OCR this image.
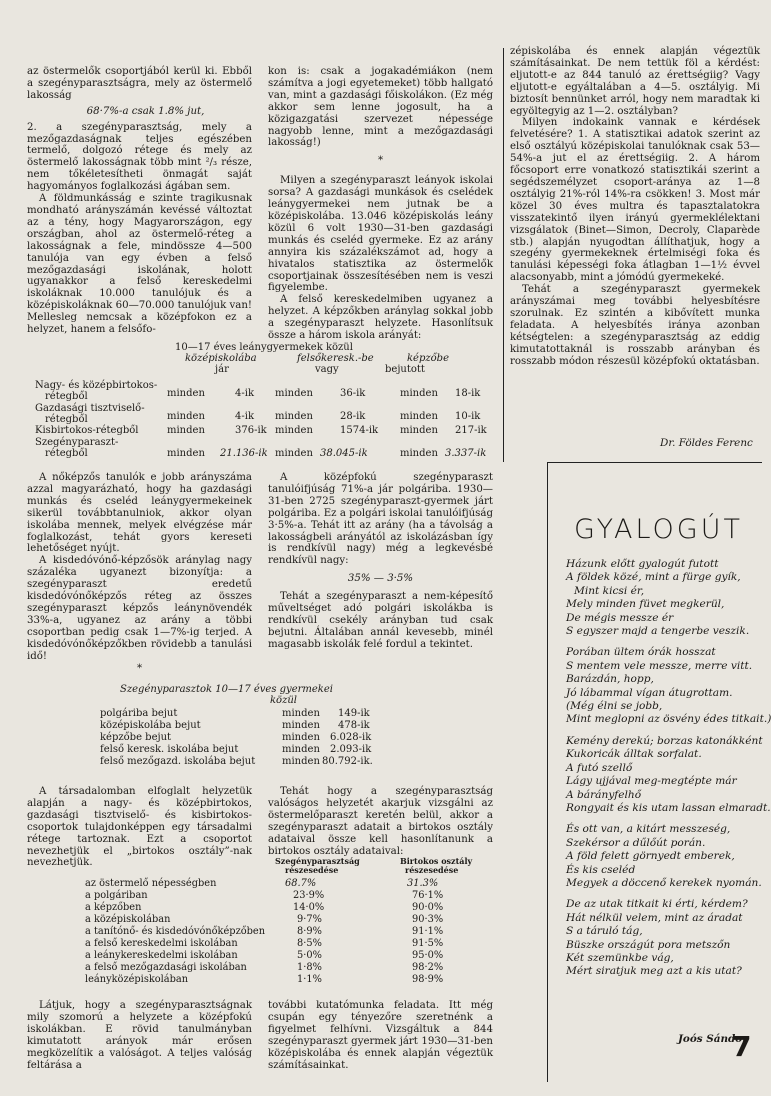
az östermelők csoportjából kerül ki. Ebből a szegényparasztságra, mely az östermelő lakosság

68·7%-a csak 1.8% jut,

2. a szegényparasztság, mely a mezőgazdaságnak teljes egészében termelő, dolgozó rétege és mely az östermelő lakosságnak több mint ²/₃ része, nem tőkéletesítheti önmagát saját hagyományos foglalkozási ágában sem.

A földmunkásság e szinte tragikusnak mondható arányszámán kevéssé változtat az a tény, hogy Magyarországon, egy országban, ahol az östermelő-réteg a lakosságnak a fele, mindössze 4—500 tanulója van egy évben a felső mezőgazdasági iskolának, holott ugyanakkor a felső kereskedelmi iskoláknak 10.000 tanulójuk és a középiskoláknak 60—70.000 tanulójuk van! Mellesleg nemcsak a középfokon ez a helyzet, hanem a felsőfo-

kon is: csak a jogakadémiákon (nem számítva a jogi egyetemeket) több hallgató van, mint a gazdasági főiskolákon. (Ez még akkor sem lenne jogosult, ha a közigazgatási szervezet népessége nagyobb lenne, mint a mezőgazdasági lakosság!)

*

Milyen a szegényparaszt leányok iskolai sorsa? A gazdasági munkások és cselédek leánygyermekei nem jutnak be a középiskolába. 13.046 középiskolás leány közül 6 volt 1930—31-ben gazdasági munkás és cseléd gyermeke. Ez az arány annyira kis százalékszámot ad, hogy a hivatalos statisztika az östermelők csoportjainak összesítésében nem is veszi figyelembe.

A felső kereskedelmiben ugyanez a helyzet. A képzőkben aránylag sokkal jobb a szegényparaszt helyzete. Hasonlítsuk össze a három iskola arányát:

zépiskolába és ennek alapján végeztük számításainkat. De nem tettük föl a kérdést: eljutott-e az 844 tanuló az érettségiig? Vagy eljutott-e egyáltalában a 4—5. osztályig. Mi biztosít bennünket arról, hogy nem maradtak ki egyöltegyig az 1—2. osztályban?

Milyen indokaink vannak e kérdések felvetésére? 1. A statisztikai adatok szerint az első osztályú középiskolai tanulóknak csak 53—54%-a jut el az érettségiig. 2. A három főcsoport erre vonatkozó statisztikái szerint a segédszemélyzet csoport-aránya az 1—8 osztályig 21%-ról 14%-ra csökken! 3. Most már közel 30 éves multra és tapasztalatokra visszatekintő ilyen irányú gyermeklélektani vizsgálatok (Binet—Simon, Decroly, Claparède stb.) alapján nyugodtan állíthatjuk, hogy a szegény gyermekeknek értelmiségi foka és tanulási képességi foka átlagban 1—1½ évvel alacsonyabb, mint a jómódú gyermekeké.

Tehát a szegényparaszt gyermekek arányszámai meg további helyesbítésre szorulnak. Ez szintén a kibővített munka feladata. A helyesbítés iránya azonban kétségtelen: a szegényparasztság az eddig kimutatottaknál is rosszabb arányban és rosszabb módon részesül középfokú oktatásban.

Dr. Földes Ferenc
10—17 éves leánygyermekek közül
középiskolába	felsőkeresk.-be	képzőbe
jár	vagy	bejutott
Nagy- és középbirtokos-
rétegből	minden	4-ik minden	36-ik	minden 18-ik
Gazdasági tisztviselő-
rétegből	minden	4-ik minden	28-ik	minden 10-ik
Kisbirtokos-rétegből	minden	376-ik minden	1574-ik minden 217-ik
Szegényparaszt-
rétegből	minden 21.136-ik minden 38.045-ik	minden 3.337-ik

A nőképzős tanulók e jobb arányszáma azzal magyarázható, hogy ha gazdasági munkás és cseléd leánygyermekeinek sikerül továbbtanulniok, akkor olyan iskolába mennek, melyek elvégzése már foglalkozást, tehát gyors kereseti lehetőséget nyújt.

A kisdedóvónő-képzősök aránylag nagy százaléka ugyanezt bizonyítja: a szegényparaszt eredetű kisdedóvónőképzős réteg az összes szegényparaszt képzős leánynövendék 33%-a, ugyanez az arány a többi csoportban pedig csak 1—7%-ig terjed. A kisdedóvónőképzőkben rövidebb a tanulási idő!

*

A középfokú szegényparaszt tanulóifjúság 71%-a jár polgáriba. 1930—31-ben 2725 szegényparaszt-gyermek járt polgáriba. Ez a polgári iskolai tanulóifjúság 3·5%-a. Tehát itt az arány (ha a távolság a lakosságbeli arányától az iskolázásban így is rendkívül nagy) még a legkevésbé rendkívül nagy:

35% — 3·5%

Tehát a szegényparaszt a nem-képesítő műveltséget adó polgári iskolákba is rendkívül csekély arányban tud csak bejutni. Általában annál kevesebb, minél magasabb iskolák felé fordul a tekintet.

Szegényparasztok 10—17 éves gyermekei
közül
polgáriba bejut	minden 149-ik
középiskolába bejut	minden 478-ik
képzőbe bejut	minden 6.028-ik
felső keresk. iskolába bejut	minden 2.093-ik
felső mezőgazd. iskolába bejut	minden 80.792-ik.

A társadalomban elfoglalt helyzetük alapján a nagy- és középbirtokos, gazdasági tisztviselő- és kisbirtokos-csoportok tulajdonképpen egy társadalmi rétege tartoznak. Ezt a csoportot nevezhetjük el „birtokos osztály”-nak nevezhetjük.

Tehát hogy a szegényparasztság valóságos helyzetét akarjuk vizsgálni az östermelőparaszt keretén belül, akkor a szegényparaszt adatait a birtokos osztály adataival össze kell hasonlítanunk a birtokos osztály adataival:

Szegényparasztság
részesedése
Birtokos osztály
részesedése
az östermelő népességben	68.7%	31.3%
a polgáriban	23·9%	76·1%
a képzőben	14·0%	90·0%
a középiskolában	9·7%	90·3%
a tanítónő- és kisdedóvónőképzőben	8·9%	91·1%
a felső kereskedelmi iskolában	8·5%	91·5%
a leánykereskedelmi iskolában	5·0%	95·0%
a felső mezőgazdasági iskolában	1·8%	98·2%
leányközépiskolában	1·1%	98·9%

Látjuk, hogy a szegényparasztságnak mily szomorú a helyzete a középfokú iskolákban. E rövid tanulmányban kimutatott arányok már erősen megközelítik a valóságot. A teljes valóság feltárása a

további kutatómunka feladata. Itt még csupán egy tényezőre szeretnénk a figyelmet felhívni. Vizsgáltuk a 844 szegényparaszt gyermek járt 1930—31-ben középiskolába és ennek alapján végeztük számításainkat.

GYALOGÚT
Házunk előtt gyalogút futott
A földek közé, mint a fürge gyík,
Mint kicsi ér,
Mely minden füvet megkerül,
De mégis messze ér
S egyszer majd a tengerbe veszik.
Porában ültem órák hosszat
S mentem vele messze, merre vitt.
Barázdán, hopp,
Jó lábammal vígan átugrottam.
(Még élni se jobb,
Mint meglopni az ösvény édes titkait.)
Kemény derekú; borzas katonákként
Kukoricák álltak sorfalat.
A futó szellő
Lágy ujjával meg-megtépte már
A bárányfelhő
Rongyait és kis utam lassan elmaradt.
És ott van, a kitárt messzeség,
Szekérsor a dűlőút porán.
A föld felett görnyedt emberek,
És kis cseléd
Megyek a döccenő kerekek nyomán.
De az utak titkait ki érti, kérdem?
Hát nélkül velem, mint az áradat
S a táruló tág,
Büszke országút pora metszőn
Két szemünkbe vág,
Mért siratjuk meg azt a kis utat?
Joós Sándor
7
